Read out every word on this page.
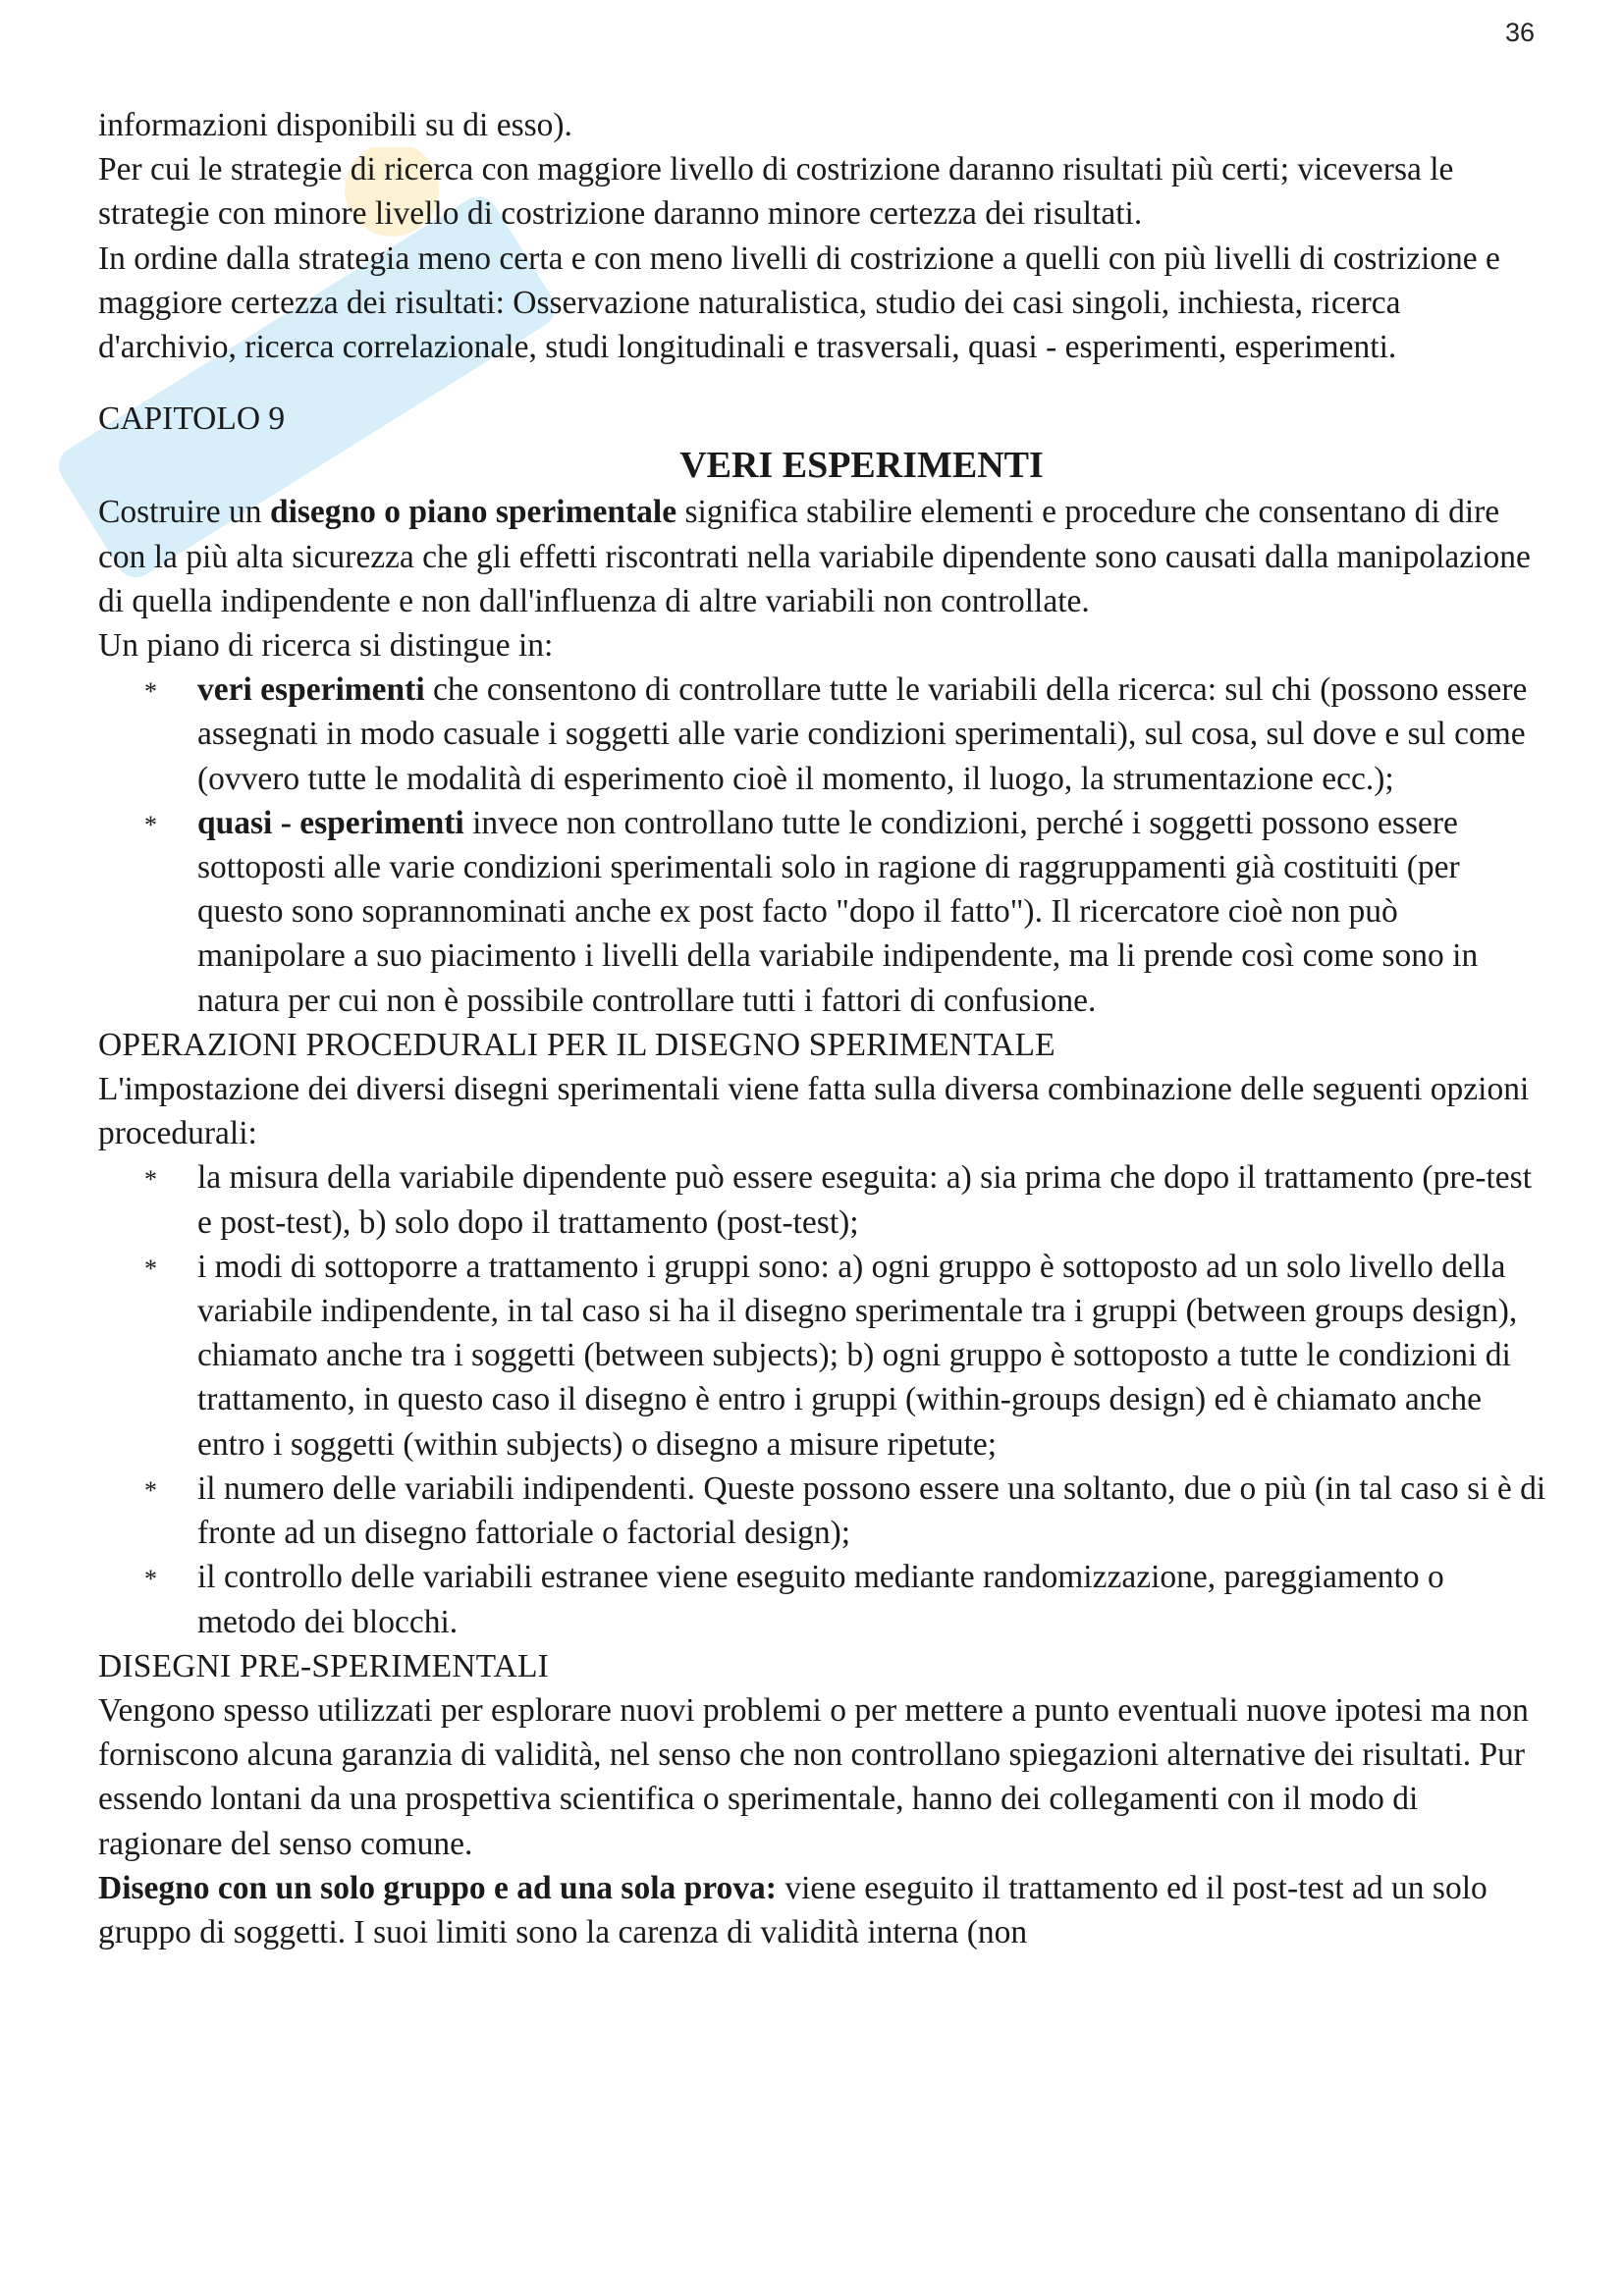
36

informazioni disponibili su di esso).

Per cui le strategie di ricerca con maggiore livello di costrizione daranno risultati più certi; viceversa le strategie con minore livello di costrizione daranno minore certezza dei risultati.

In ordine dalla strategia meno certa e con meno livelli di costrizione a quelli con più livelli di costrizione e maggiore certezza dei risultati: Osservazione naturalistica, studio dei casi singoli, inchiesta, ricerca d'archivio, ricerca correlazionale, studi longitudinali e trasversali, quasi - esperimenti, esperimenti.

CAPITOLO 9

VERI ESPERIMENTI

Costruire un disegno o piano sperimentale significa stabilire elementi e procedure che consentano di dire con la più alta sicurezza che gli effetti riscontrati nella variabile dipendente sono causati dalla manipolazione di quella indipendente e non dall'influenza di altre variabili non controllate.

Un piano di ricerca si distingue in:

* veri esperimenti che consentono di controllare tutte le variabili della ricerca: sul chi (possono essere assegnati in modo casuale i soggetti alle varie condizioni sperimentali), sul cosa, sul dove e sul come (ovvero tutte le modalità di esperimento cioè il momento, il luogo, la strumentazione ecc.);
* quasi - esperimenti invece non controllano tutte le condizioni, perché i soggetti possono essere sottoposti alle varie condizioni sperimentali solo in ragione di raggruppamenti già costituiti (per questo sono soprannominati anche ex post facto "dopo il fatto"). Il ricercatore cioè non può manipolare a suo piacimento i livelli della variabile indipendente, ma li prende così come sono in natura per cui non è possibile controllare tutti i fattori di confusione.

OPERAZIONI PROCEDURALI PER IL DISEGNO SPERIMENTALE

L'impostazione dei diversi disegni sperimentali viene fatta sulla diversa combinazione delle seguenti opzioni procedurali:

* la misura della variabile dipendente può essere eseguita: a) sia prima che dopo il trattamento (pre-test e post-test), b) solo dopo il trattamento (post-test);
* i modi di sottoporre a trattamento i gruppi sono: a) ogni gruppo è sottoposto ad un solo livello della variabile indipendente, in tal caso si ha il disegno sperimentale tra i gruppi (between groups design), chiamato anche tra i soggetti (between subjects); b) ogni gruppo è sottoposto a tutte le condizioni di trattamento, in questo caso il disegno è entro i gruppi (within-groups design) ed è chiamato anche entro i soggetti (within subjects) o disegno a misure ripetute;
* il numero delle variabili indipendenti. Queste possono essere una soltanto, due o più (in tal caso si è di fronte ad un disegno fattoriale o factorial design);
* il controllo delle variabili estranee viene eseguito mediante randomizzazione, pareggiamento o metodo dei blocchi.

DISEGNI PRE-SPERIMENTALI

Vengono spesso utilizzati per esplorare nuovi problemi o per mettere a punto eventuali nuove ipotesi ma non forniscono alcuna garanzia di validità, nel senso che non controllano spiegazioni alternative dei risultati. Pur essendo lontani da una prospettiva scientifica o sperimentale, hanno dei collegamenti con il modo di ragionare del senso comune.

Disegno con un solo gruppo e ad una sola prova: viene eseguito il trattamento ed il post-test ad un solo gruppo di soggetti. I suoi limiti sono la carenza di validità interna (non
